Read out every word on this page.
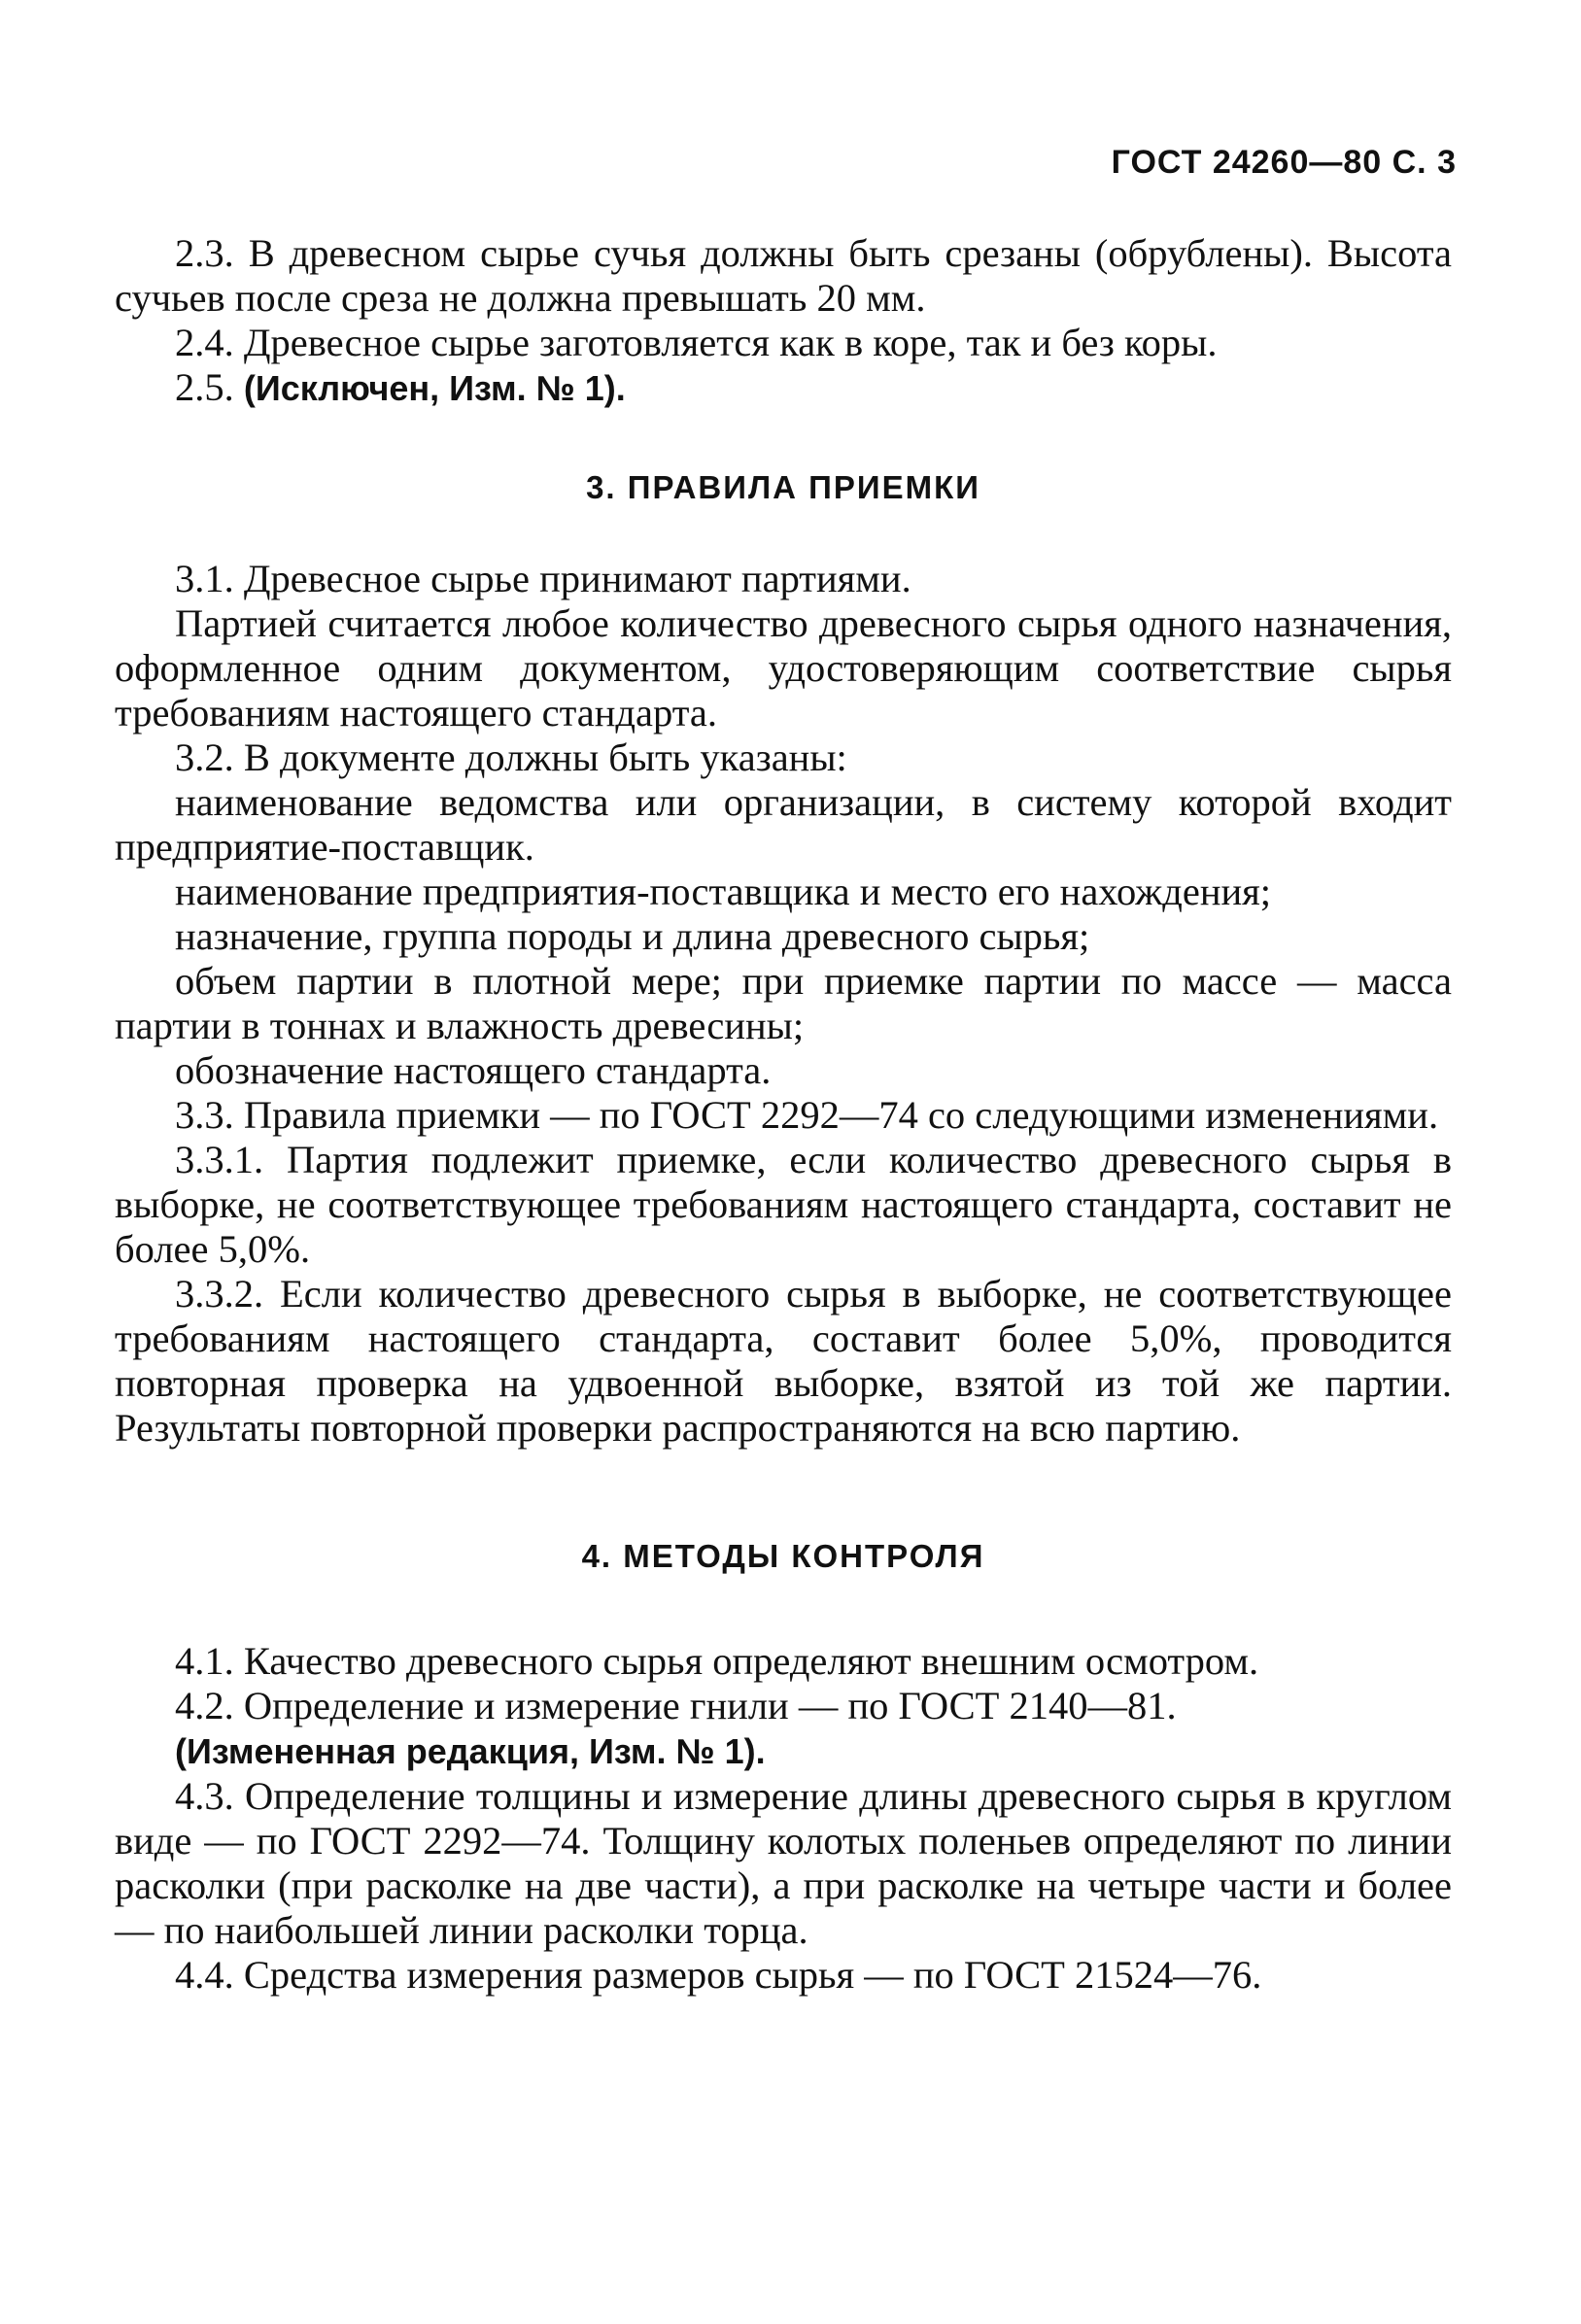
ГОСТ 24260—80 С. 3

2.3. В древесном сырье сучья должны быть срезаны (обрублены). Высота сучьев после среза не должна превышать 20 мм.

2.4. Древесное сырье заготовляется как в коре, так и без коры.

2.5. (Исключен, Изм. № 1).

3. ПРАВИЛА ПРИЕМКИ

3.1. Древесное сырье принимают партиями.

Партией считается любое количество древесного сырья одного назначения, оформленное одним документом, удостоверяющим соответствие сырья требованиям настоящего стандарта.

3.2. В документе должны быть указаны:

наименование ведомства или организации, в систему которой входит предприятие-поставщик.

наименование предприятия-поставщика и место его нахождения;

назначение, группа породы и длина древесного сырья;

объем партии в плотной мере; при приемке партии по массе — масса партии в тоннах и влажность древесины;

обозначение настоящего стандарта.

3.3. Правила приемки — по ГОСТ 2292—74 со следующими изменениями.

3.3.1. Партия подлежит приемке, если количество древесного сырья в выборке, не соответствующее требованиям настоящего стандарта, составит не более 5,0%.

3.3.2. Если количество древесного сырья в выборке, не соответствующее требованиям настоящего стандарта, составит более 5,0%, проводится повторная проверка на удвоенной выборке, взятой из той же партии. Результаты повторной проверки распространяются на всю партию.

4. МЕТОДЫ КОНТРОЛЯ

4.1. Качество древесного сырья определяют внешним осмотром.

4.2. Определение и измерение гнили — по ГОСТ 2140—81.

(Измененная редакция, Изм. № 1).

4.3. Определение толщины и измерение длины древесного сырья в круглом виде — по ГОСТ 2292—74. Толщину колотых поленьев определяют по линии расколки (при расколке на две части), а при расколке на четыре части и более — по наибольшей линии расколки торца.

4.4. Средства измерения размеров сырья — по ГОСТ 21524—76.
